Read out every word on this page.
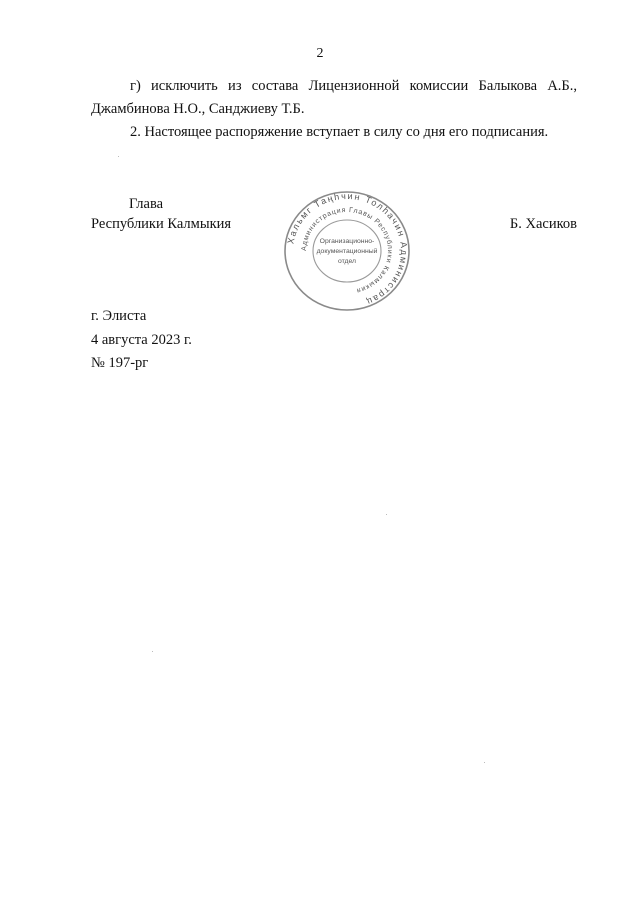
2
г) исключить из состава Лицензионной комиссии Балыкова А.Б.,
Джамбинова Н.О., Санджиеву Т.Б.
2. Настоящее распоряжение вступает в силу со дня его подписания.
Глава
Республики Калмыкия	Б. Хасиков
Хальмг Таңһчин Толһачин Администрац
Администрация Главы Республики Калмыкия
Организационно-
документационный
отдел
г. Элиста
4 августа 2023 г.
№ 197-рг
